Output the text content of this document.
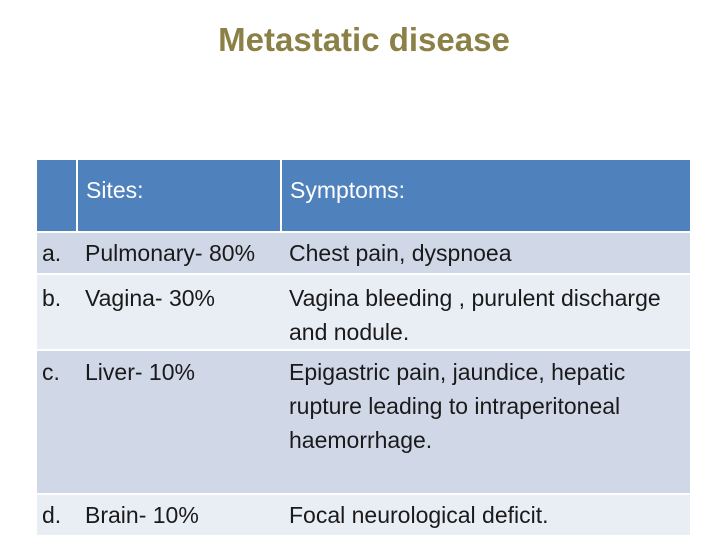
Metastatic disease

	Sites:	Symptoms:

a.	Pulmonary- 80%	Chest pain, dyspnoea

b.	Vagina- 30%	Vagina bleeding , purulent discharge and nodule.

c.	Liver- 10%	Epigastric pain, jaundice, hepatic rupture leading to intraperitoneal haemorrhage.

d.	Brain- 10%	Focal neurological deficit.
